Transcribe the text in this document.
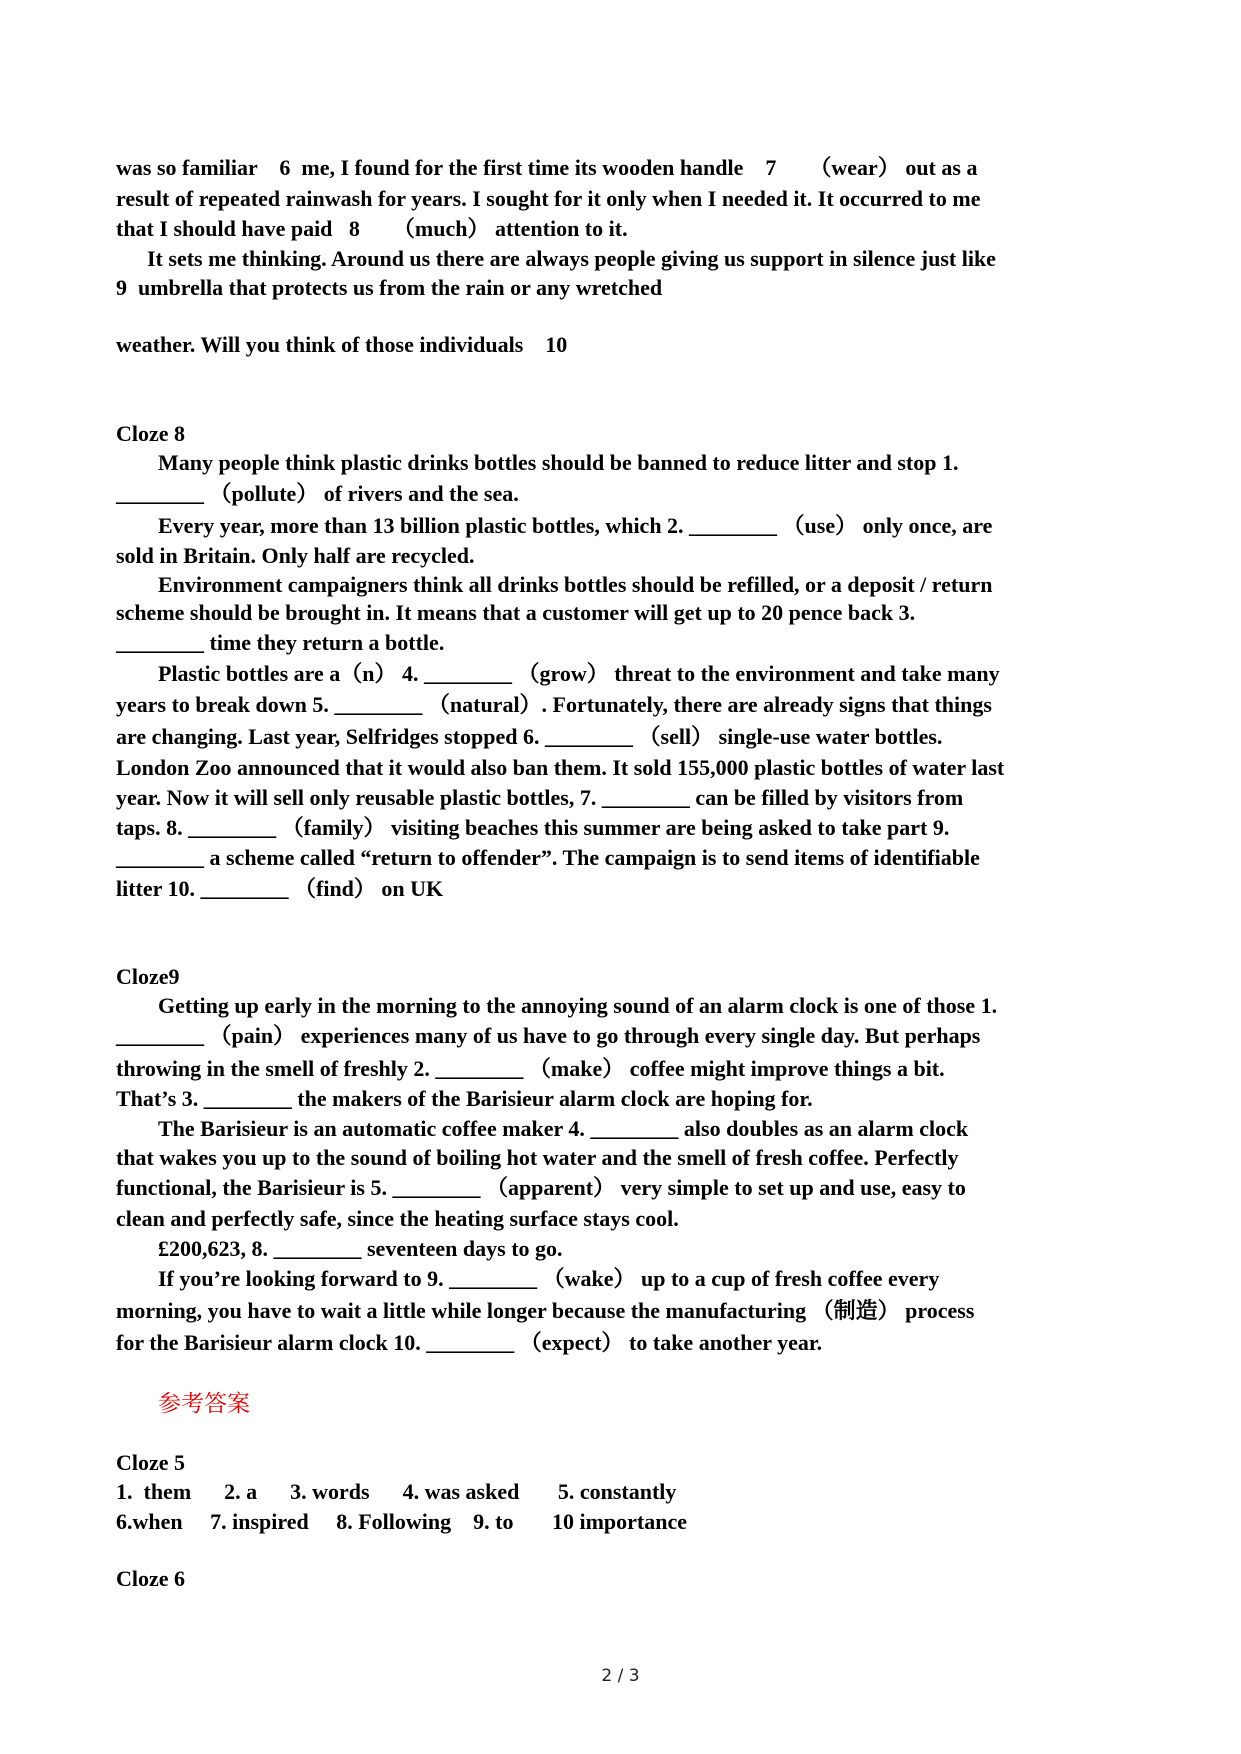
was so familiar    6  me, I found for the first time its wooden handle    7      （wear） out as a
result of repeated rainwash for years. I sought for it only when I needed it. It occurred to me
that I should have paid   8      （much） attention to it.
It sets me thinking. Around us there are always people giving us support in silence just like
9  umbrella that protects us from the rain or any wretched
weather. Will you think of those individuals    10
Cloze 8
Many people think plastic drinks bottles should be banned to reduce litter and stop 1.
________ （pollute） of rivers and the sea.
Every year, more than 13 billion plastic bottles, which 2. ________ （use） only once, are
sold in Britain. Only half are recycled.
Environment campaigners think all drinks bottles should be refilled, or a deposit / return
scheme should be brought in. It means that a customer will get up to 20 pence back 3.
________ time they return a bottle.
Plastic bottles are a（n） 4. ________ （grow） threat to the environment and take many
years to break down 5. ________ （natural）. Fortunately, there are already signs that things
are changing. Last year, Selfridges stopped 6. ________ （sell） single-use water bottles.
London Zoo announced that it would also ban them. It sold 155,000 plastic bottles of water last
year. Now it will sell only reusable plastic bottles, 7. ________ can be filled by visitors from
taps. 8. ________ （family） visiting beaches this summer are being asked to take part 9.
________ a scheme called “return to offender”. The campaign is to send items of identifiable
litter 10. ________ （find） on UK
Cloze9
Getting up early in the morning to the annoying sound of an alarm clock is one of those 1.
________ （pain） experiences many of us have to go through every single day. But perhaps
throwing in the smell of freshly 2. ________ （make） coffee might improve things a bit.
That’s 3. ________ the makers of the Barisieur alarm clock are hoping for.
The Barisieur is an automatic coffee maker 4. ________ also doubles as an alarm clock
that wakes you up to the sound of boiling hot water and the smell of fresh coffee. Perfectly
functional, the Barisieur is 5. ________ （apparent） very simple to set up and use, easy to
clean and perfectly safe, since the heating surface stays cool.
£200,623, 8. ________ seventeen days to go.
If you’re looking forward to 9. ________ （wake） up to a cup of fresh coffee every
morning, you have to wait a little while longer because the manufacturing （制造） process
for the Barisieur alarm clock 10. ________ （expect） to take another year.
参考答案
Cloze 5
1.  them      2. a      3. words      4. was asked       5. constantly
6.when     7. inspired     8. Following    9. to       10 importance
Cloze 6
2 / 3
